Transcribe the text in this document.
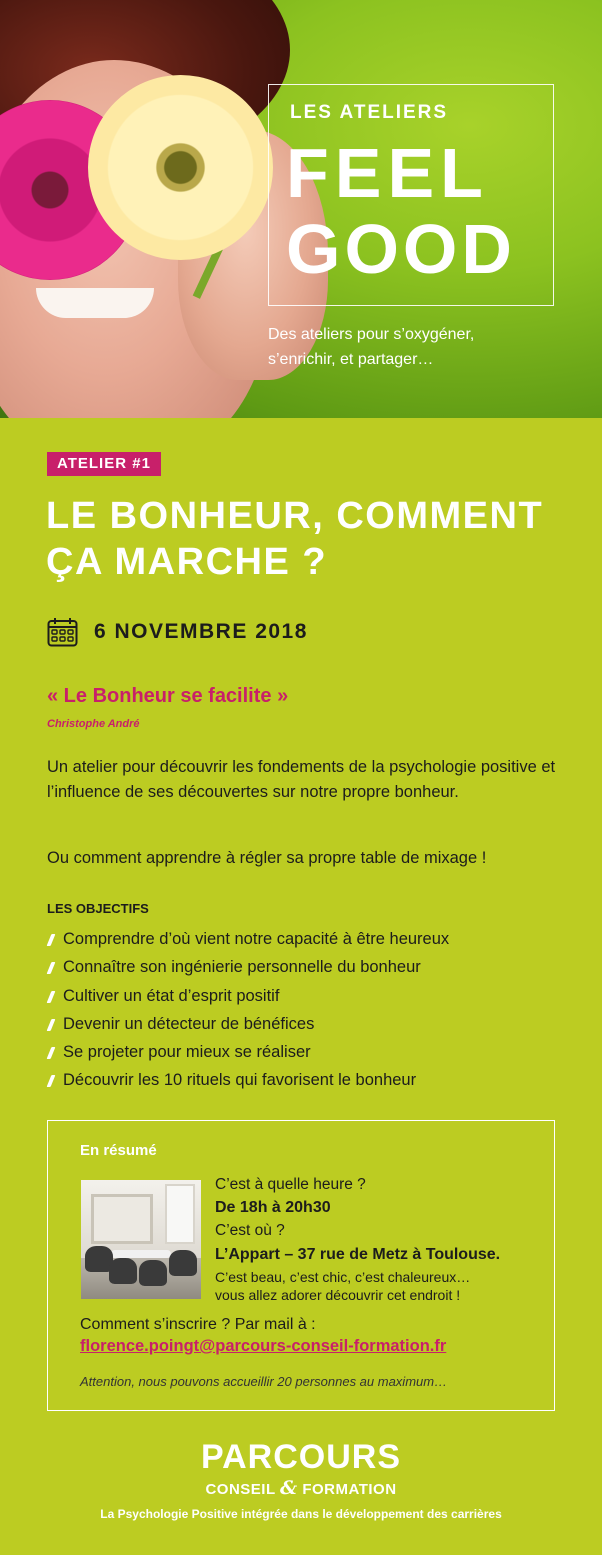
LES ATELIERS
FEEL
GOOD
Des ateliers pour s’oxygéner,
s’enrichir, et partager…
ATELIER #1
LE BONHEUR, COMMENT
ÇA MARCHE ?
6 NOVEMBRE 2018
« Le Bonheur se facilite »
Christophe André
Un atelier pour découvrir les fondements de la psychologie positive et l’influence de ses découvertes sur notre propre bonheur.
Ou comment apprendre à régler sa propre table de mixage !
LES OBJECTIFS
Comprendre d’où vient notre capacité à être heureux
Connaître son ingénierie personnelle du bonheur
Cultiver un état d’esprit positif
Devenir un détecteur de bénéfices
Se projeter pour mieux se réaliser
Découvrir les 10 rituels qui favorisent le bonheur
En résumé
C’est à quelle heure ?
De 18h à 20h30
C’est où ?
L’Appart – 37 rue de Metz à Toulouse.
C’est beau, c’est chic, c’est chaleureux…
vous allez adorer découvrir cet endroit !
Comment s’inscrire ? Par mail à :
florence.poingt@parcours-conseil-formation.fr
Attention, nous pouvons accueillir 20 personnes au maximum…
PARCOURS
CONSEIL & FORMATION
La Psychologie Positive intégrée dans le développement des carrières
